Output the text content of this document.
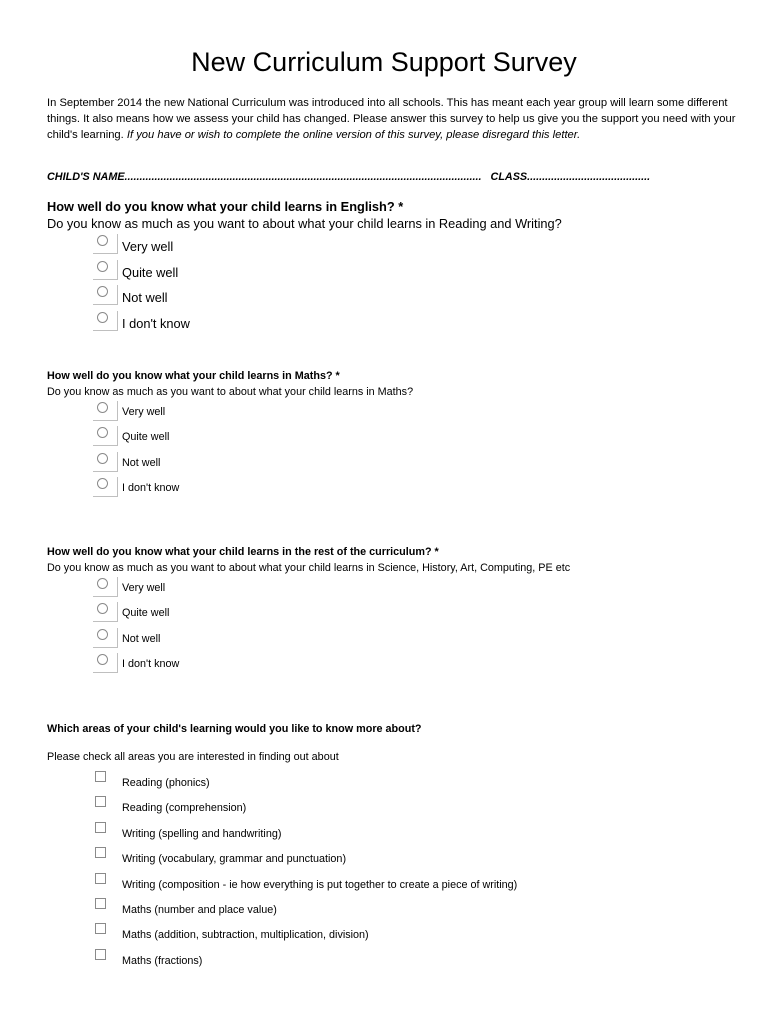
New Curriculum Support Survey
In September 2014 the new National Curriculum was introduced into all schools. This has meant each year group will learn some different things. It also means how we assess your child has changed. Please answer this survey to help us give you the support you need with your child's learning. If you have or wish to complete the online version of this survey, please disregard this letter.
CHILD'S NAME....................................................................................................................... CLASS.........................................
How well do you know what your child learns in English? *
Do you know as much as you want to about what your child learns in Reading and Writing?
Very well
Quite well
Not well
I don't know
How well do you know what your child learns in Maths? *
Do you know as much as you want to about what your child learns in Maths?
Very well
Quite well
Not well
I don't know
How well do you know what your child learns in the rest of the curriculum? *
Do you know as much as you want to about what your child learns in Science, History, Art, Computing, PE etc
Very well
Quite well
Not well
I don't know
Which areas of your child's learning would you like to know more about?
Please check all areas you are interested in finding out about
Reading (phonics)
Reading (comprehension)
Writing (spelling and handwriting)
Writing (vocabulary, grammar and punctuation)
Writing (composition - ie how everything is put together to create a piece of writing)
Maths (number and place value)
Maths (addition, subtraction, multiplication, division)
Maths (fractions)
